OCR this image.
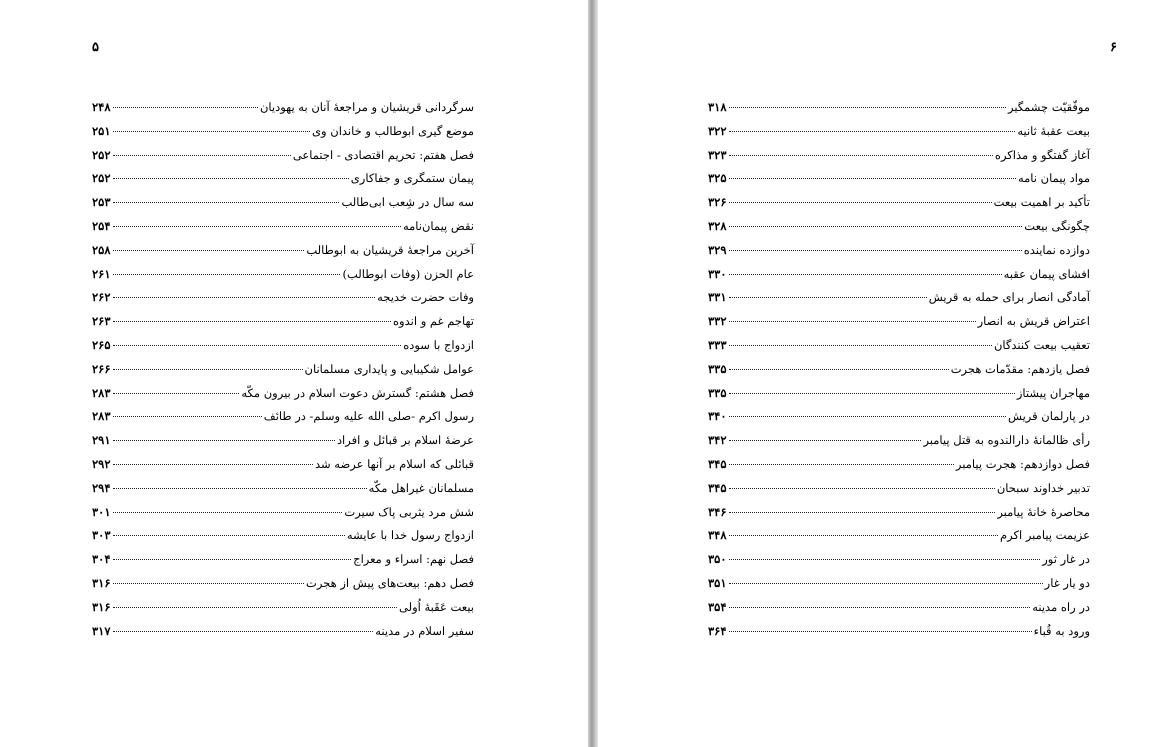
۵
سرگردانی قریشیان و مراجعهٔ آنان به یهودیان
۲۴۸
موضع گیری ابوطالب و خاندان وی
۲۵۱
فصل هفتم: تحریم اقتصادی - اجتماعی
۲۵۲
پیمان ستمگری و جفاکاری
۲۵۲
سه سال در شِعب ابی‌طالب
۲۵۳
نقض پیمان‌نامه
۲۵۴
آخرین مراجعهٔ قریشیان به ابوطالب
۲۵۸
عام الحزن (وفات ابوطالب)
۲۶۱
وفات حضرت خدیجه
۲۶۲
تهاجم غم و اندوه
۲۶۳
ازدواج با سوده
۲۶۵
عوامل شکیبایی و پایداری مسلمانان
۲۶۶
فصل هشتم: گسترش دعوت اسلام در بیرون مکّه
۲۸۳
رسول اکرم -صلی الله علیه وسلم- در طائف
۲۸۳
عرضهٔ اسلام بر قبائل و افراد
۲۹۱
قبائلی که اسلام بر آنها عرضه شد
۲۹۲
مسلمانان غیراهل مکّه
۲۹۴
شش مرد یثربی پاک سیرت
۳۰۱
ازدواج رسول خدا با عایشه
۳۰۳
فصل نهم: اسراء و معراج
۳۰۴
فصل دهم: بیعت‌های پیش از هجرت
۳۱۶
بیعت عَقَبهٔ اُولی
۳۱۶
سفیر اسلام در مدینه
۳۱۷
۶
موفّقیّت چشمگیر
۳۱۸
بیعت عقبهٔ ثانیه
۳۲۲
آغاز گفتگو و مذاکره
۳۲۳
مواد پیمان نامه
۳۲۵
تأکید بر اهمیت بیعت
۳۲۶
چگونگی بیعت
۳۲۸
دوازده نماینده
۳۲۹
افشای پیمان عقبه
۳۳۰
آمادگی انصار برای حمله به قریش
۳۳۱
اعتراض قریش به انصار
۳۳۲
تعقیب بیعت کنندگان
۳۳۳
فصل یازدهم: مقدّمات هجرت
۳۳۵
مهاجران پیشتاز
۳۳۵
در پارلمان قریش
۳۴۰
رأی ظالمانهٔ دارالندوه به قتل پیامبر
۳۴۲
فصل دوازدهم: هجرت پیامبر
۳۴۵
تدبیر خداوند سبحان
۳۴۵
محاصرهٔ خانهٔ پیامبر
۳۴۶
عزیمت پیامبر اکرم
۳۴۸
در غار ثور
۳۵۰
دو یار غار
۳۵۱
در راه مدینه
۳۵۴
ورود به قُباء
۳۶۴
